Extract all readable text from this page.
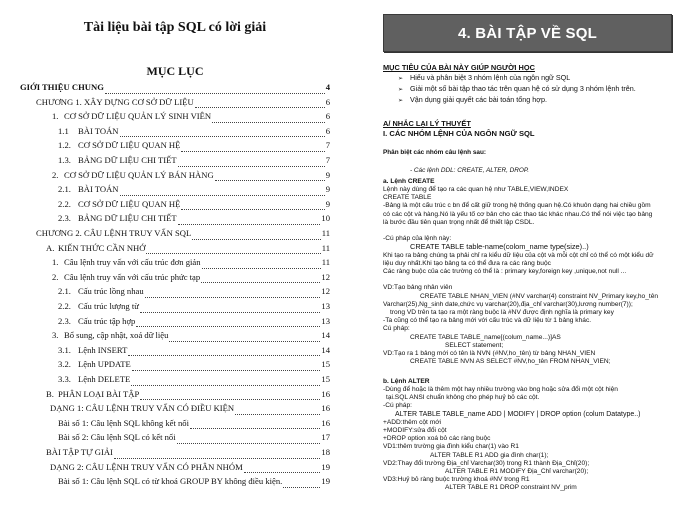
Tài liệu bài tập SQL có lời giải
MỤC LỤC
GIỚI THIỆU CHUNG	4
CHƯƠNG 1. XÂY DỰNG CƠ SỞ DỮ LIỆU	6
1. CƠ SỞ DỮ LIỆU QUẢN LÝ SINH VIÊN	6
1.1 BÀI TOÁN	6
1.2. CƠ SỞ DỮ LIỆU QUAN HỆ	7
1.3. BẢNG DỮ LIỆU CHI TIẾT	7
2. CƠ SỞ DỮ LIỆU QUẢN LÝ BÁN HÀNG	9
2.1. BÀI TOÁN	9
2.2. CƠ SỞ DỮ LIỆU QUAN HỆ	9
2.3. BẢNG DỮ LIỆU CHI TIẾT	10
CHƯƠNG 2. CÂU LỆNH TRUY VẤN SQL	11
A. KIẾN THỨC CẦN NHỚ	11
1. Câu lệnh truy vấn với cấu trúc đơn giản	11
2. Câu lệnh truy vấn với cấu trúc phức tạp	12
2.1. Cấu trúc lồng nhau	12
2.2. Cấu trúc lượng từ	13
2.3. Cấu trúc tập hợp	13
3. Bổ sung, cập nhật, xoá dữ liệu	14
3.1. Lệnh INSERT	14
3.2. Lệnh UPDATE	15
3.3. Lệnh DELETE	15
B. PHÂN LOẠI BÀI TẬP	16
DẠNG 1: CÂU LỆNH TRUY VẤN CÓ ĐIỀU KIỆN	16
Bài số 1: Câu lệnh SQL không kết nối	16
Bài số 2: Câu lệnh SQL có kết nối	17
BÀI TẬP TỰ GIẢI	18
DẠNG 2: CÂU LỆNH TRUY VẤN CÓ PHÂN NHÓM	19
Bài số 1: Câu lệnh SQL có từ khoá GROUP BY không điều kiện.	19
4. BÀI TẬP VỀ SQL
MỤC TIÊU CỦA BÀI NÀY GIÚP NGƯỜI HỌC
➢ Hiểu và phân biệt 3 nhóm lệnh của ngôn ngữ SQL
➢ Giải một số bài tập thao tác trên quan hệ có sử dụng 3 nhóm lệnh trên.
➢ Vận dụng giải quyết các bài toán tổng hợp.
A/ NHẮC LẠI LÝ THUYẾT
I. CÁC NHÓM LỆNH CỦA NGÔN NGỮ SQL
Phân biệt các nhóm câu lệnh sau:
- Các lệnh DDL: CREATE, ALTER, DROP.
a. Lệnh CREATE
Lệnh này dùng để tạo ra các quan hệ như TABLE,VIEW,INDEX
CREATE TABLE
-Bảng là một cấu trúc c bn để cất giữ trong hệ thống quan hệ.Có khuôn dạng hai chiều gồm
có các cột và hàng.Nó là yếu tố cơ bản cho các thao tác khác nhau.Có thể nói việc tạo bảng
là bước đầu tiên quan trọng nhất để thiết lập CSDL.
-Cú pháp của lệnh này:
CREATE TABLE table-name(colom_name type(size)..)
Khi tạo ra bảng chúng ta phải chỉ ra kiểu dữ liệu của cột và mỗi cột chỉ có thể có một kiểu dữ
liệu duy nhất.Khi tạo bảng ta có thể đưa ra các ràng buộc
Các ràng buộc của các trường có thể là : primary key,foreign key ,unique,not null ...
VD:Tạo bảng nhân viên
CREATE TABLE NHAN_VIEN (#NV varchar(4) constraint NV_Primary key,ho_tên
Varchar(25),Ng_sinh date,chức vụ varchar(20),địa_chỉ varchar(30),lương number(7));
trong VD trên ta tạo ra một ràng buộc là #NV được định nghĩa là primary key
-Ta cũng có thể tạo ra bảng mới với cấu trúc và dữ liệu từ 1 bảng khác.
Cú pháp:
CREATE TABLE TABLE_name[(colum_name...)]AS
SELECT statement;
VD:Tạo ra 1 bảng mới có tên là NVN (#NV,ho_tên) từ bảng NHAN_VIEN
CREATE TABLE NVN AS SELECT #NV,ho_tên FROM NHAN_VIEN;
b. Lệnh ALTER
-Dùng để hoặc là thêm một hay nhiều trường vào bng hoặc sửa đổi một cột hiện
tại.SQL ANSI chuẩn không cho phép huỷ bỏ các cột.
-Cú pháp:
ALTER TABLE TABLE_name ADD | MODIFY | DROP option (colum Datatype..)
+ADD:thêm cột mới
+MODIFY:sửa đổi cột
+DROP option xoá bỏ các ràng buộc
VD1:thêm trường gia đình kiểu char(1) vào R1
ALTER TABLE R1 ADD gia đình char(1);
VD2:Thay đổi trường Địa_chỉ Varchar(30) trong R1 thành Địa_Chỉ(20);
ALTER TABLE R1 MODIFY Địa_Chỉ varchar(20);
VD3:Huỷ bỏ ràng buộc trường khoá #NV trong R1
ALTER TABLE R1 DROP constraint NV_prim
